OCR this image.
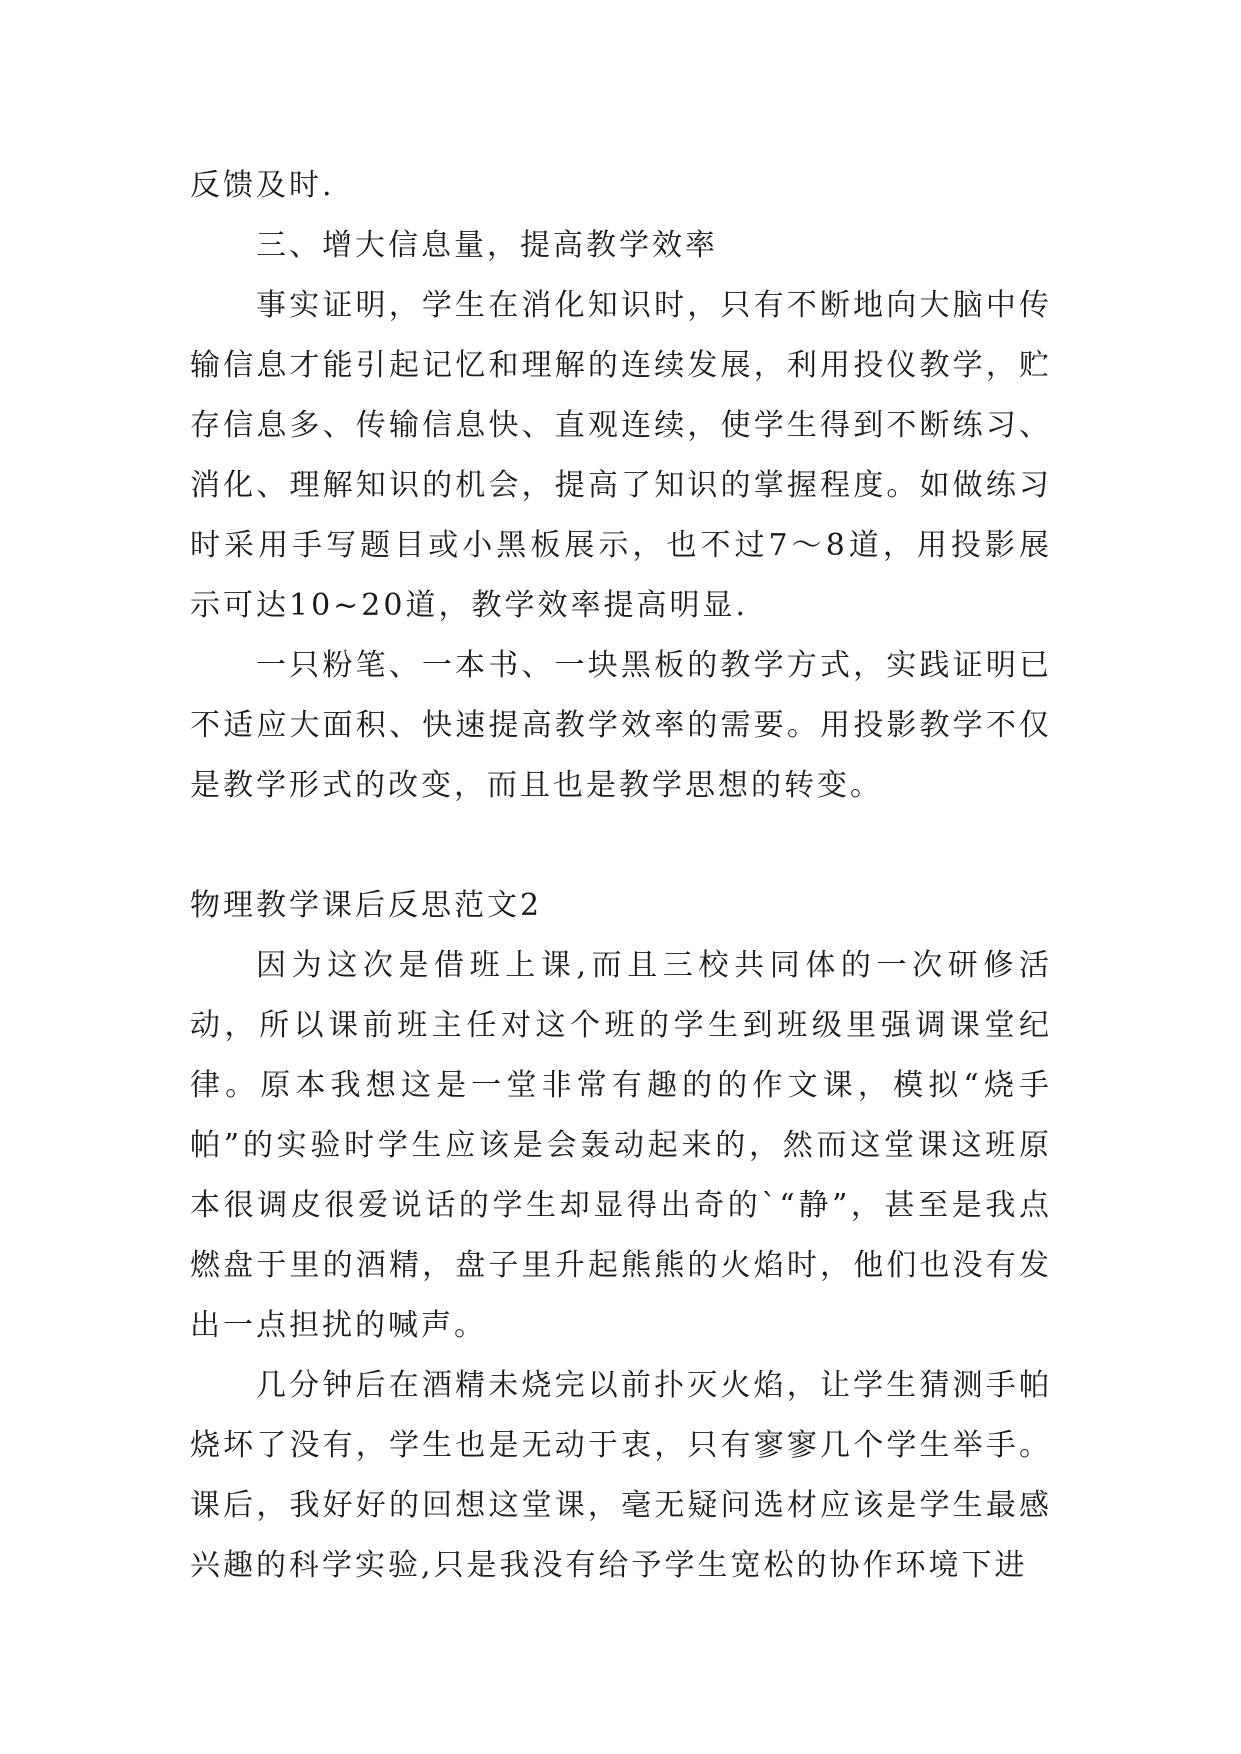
反馈及时.

三、增大信息量，提高教学效率

事实证明，学生在消化知识时，只有不断地向大脑中传输信息才能引起记忆和理解的连续发展，利用投仪教学，贮存信息多、传输信息快、直观连续，使学生得到不断练习、消化、理解知识的机会，提高了知识的掌握程度。如做练习时采用手写题目或小黑板展示，也不过7～8道，用投影展示可达10~20道，教学效率提高明显.

一只粉笔、一本书、一块黑板的教学方式，实践证明已不适应大面积、快速提高教学效率的需要。用投影教学不仅是教学形式的改变，而且也是教学思想的转变。

物理教学课后反思范文2

因为这次是借班上课,而且三校共同体的一次研修活动，所以课前班主任对这个班的学生到班级里强调课堂纪律。原本我想这是一堂非常有趣的的作文课，模拟“烧手帕”的实验时学生应该是会轰动起来的，然而这堂课这班原本很调皮很爱说话的学生却显得出奇的`“静”，甚至是我点燃盘于里的酒精，盘子里升起熊熊的火焰时，他们也没有发出一点担扰的喊声。

几分钟后在酒精未烧完以前扑灭火焰，让学生猜测手帕烧坏了没有，学生也是无动于衷，只有寥寥几个学生举手。课后，我好好的回想这堂课，毫无疑问选材应该是学生最感兴趣的科学实验,只是我没有给予学生宽松的协作环境下进
